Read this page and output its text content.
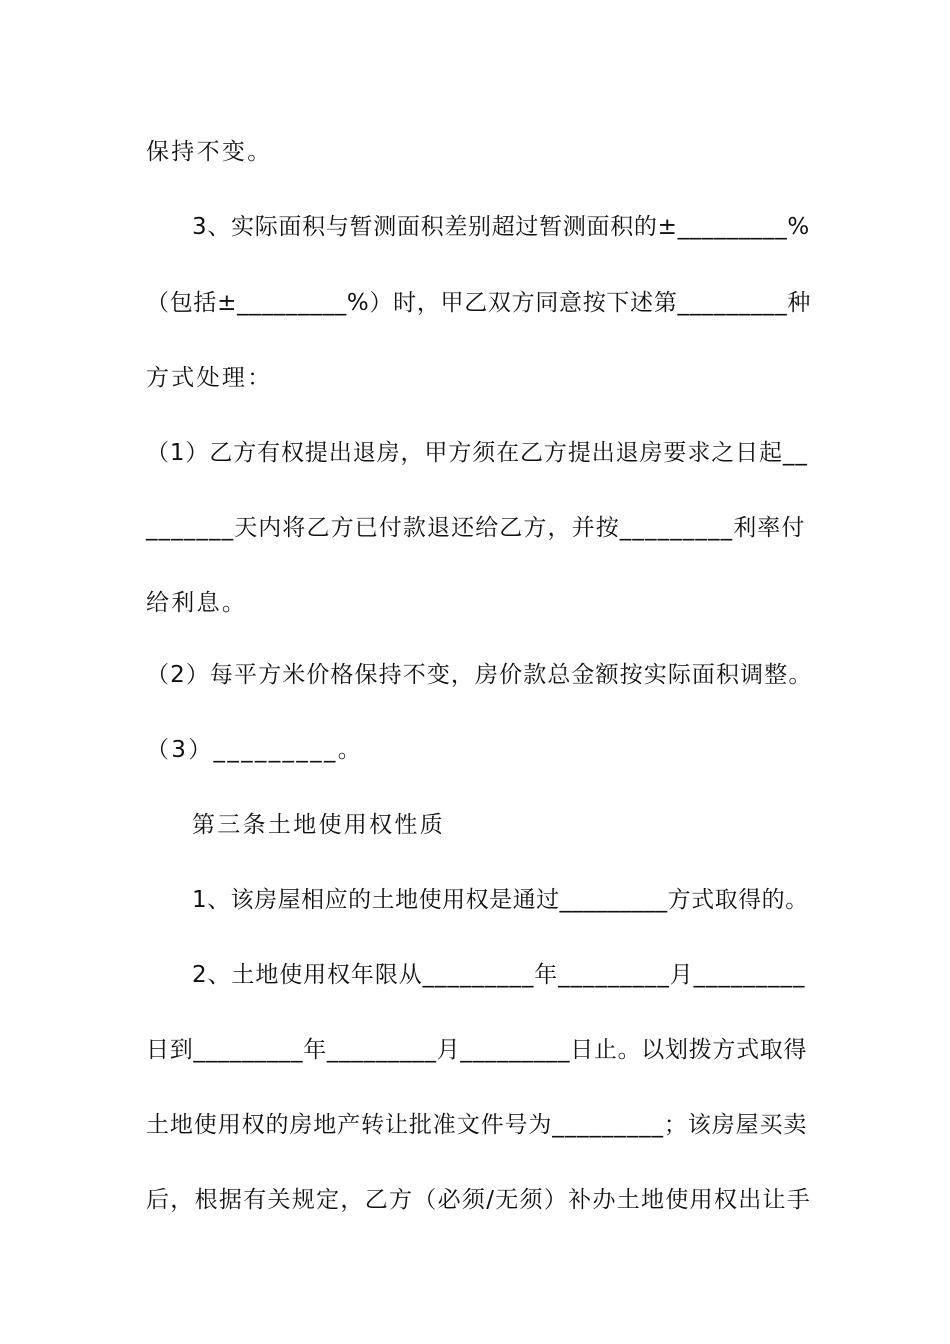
保持不变。
3、实际面积与暂测面积差别超过暂测面积的±_________%
（包括±_________%）时，甲乙双方同意按下述第_________种
方式处理：
（1）乙方有权提出退房，甲方须在乙方提出退房要求之日起__
_______天内将乙方已付款退还给乙方，并按_________利率付
给利息。
（2）每平方米价格保持不变，房价款总金额按实际面积调整。
（3）_________。
第三条土地使用权性质
1、该房屋相应的土地使用权是通过_________方式取得的。
2、土地使用权年限从_________年_________月_________
日到_________年_________月_________日止。以划拨方式取得
土地使用权的房地产转让批准文件号为_________；该房屋买卖
后，根据有关规定，乙方（必须/无须）补办土地使用权出让手
